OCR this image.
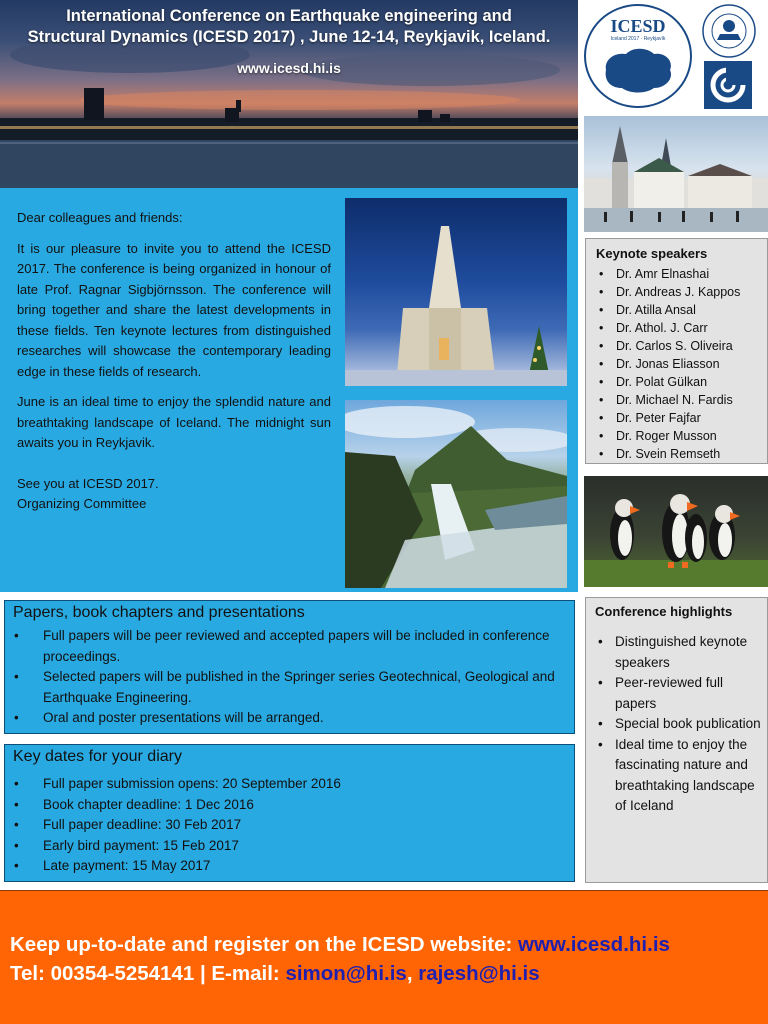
International Conference on Earthquake engineering and
Structural Dynamics (ICESD 2017) , June 12-14, Reykjavik, Iceland.
www.icesd.hi.is
ICESD
Iceland 2017 · Reykjavík

Dear colleagues and friends:

It is our pleasure to invite you to attend the ICESD 2017. The conference is being organized in honour of late Prof. Ragnar Sigbjörnsson. The conference will bring together and share the latest developments in these fields. Ten keynote lectures from distinguished researches will showcase the contemporary leading edge in these fields of research.

June is an ideal time to enjoy the splendid nature and breathtaking landscape of Iceland. The midnight sun awaits you in Reykjavik.

See you at ICESD 2017.

Organizing Committee

Keynote speakers
• Dr. Amr Elnashai
• Dr. Andreas J. Kappos
• Dr. Atilla Ansal
• Dr. Athol. J. Carr
• Dr. Carlos S. Oliveira
• Dr. Jonas Eliasson
• Dr. Polat Gülkan
• Dr. Michael N. Fardis
• Dr. Peter Fajfar
• Dr. Roger Musson
• Dr. Svein Remseth
Papers, book chapters and presentations
• Full papers will be peer reviewed and accepted papers will be included in conference proceedings.
• Selected papers will be published in the Springer series Geotechnical, Geological and Earthquake Engineering.
• Oral and poster presentations will be arranged.
Key dates for your diary
• Full paper submission opens: 20 September 2016
• Book chapter deadline: 1 Dec 2016
• Full paper deadline: 30 Feb 2017
• Early bird payment: 15 Feb 2017
• Late payment: 15 May 2017
Conference highlights
• Distinguished keynote speakers
• Peer-reviewed full papers
• Special book publication
• Ideal time to enjoy the fascinating nature and breathtaking landscape of Iceland
Keep up-to-date and register on the ICESD website: www.icesd.hi.is
Tel: 00354-5254141 | E-mail: simon@hi.is, rajesh@hi.is
